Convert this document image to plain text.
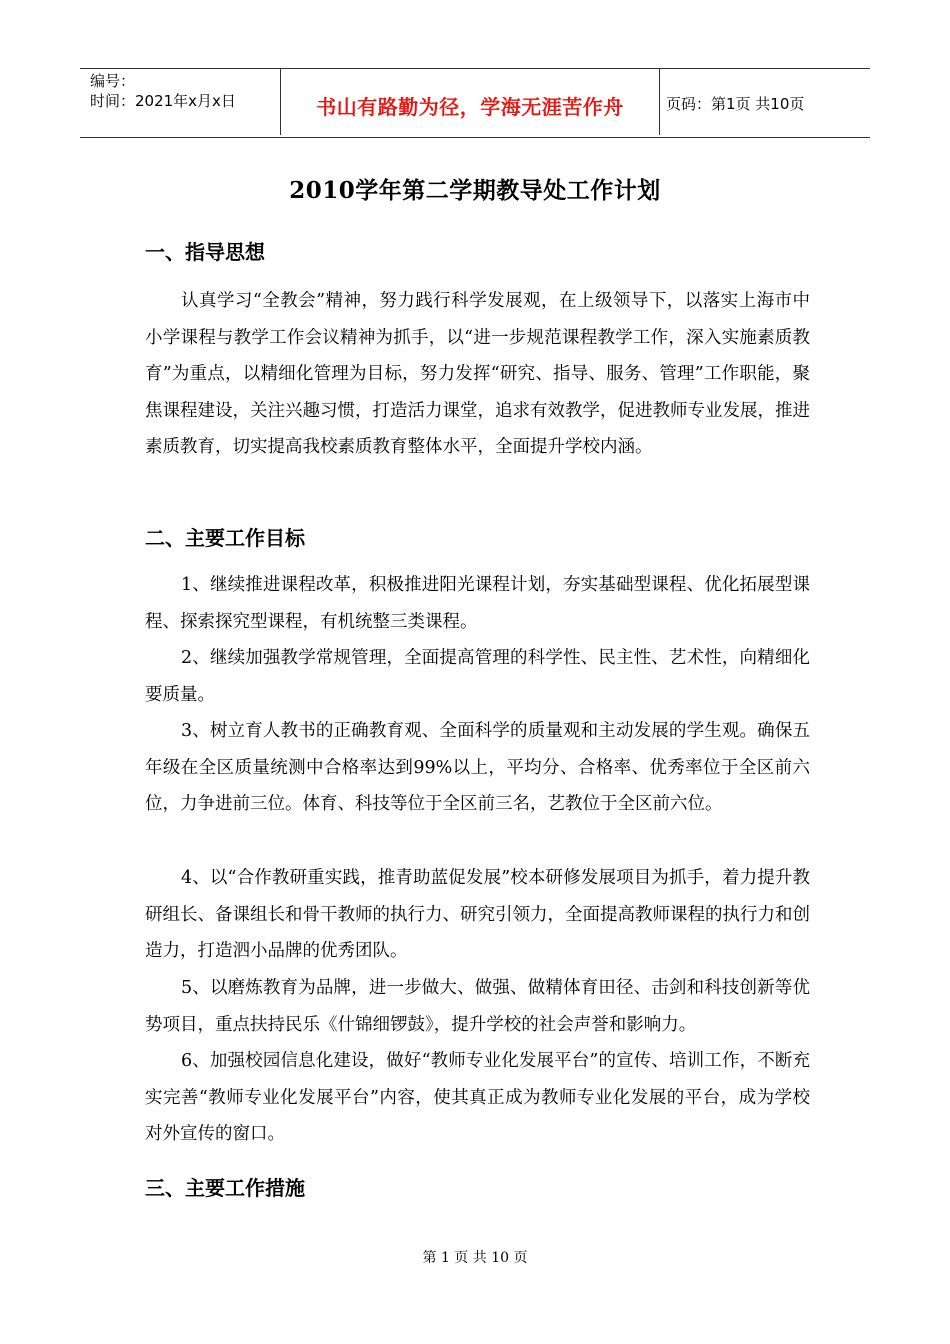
编号：
时间：2021年x月x日	书山有路勤为径，学海无涯苦作舟	页码：第1页 共10页
2010学年第二学期教导处工作计划
一、指导思想
认真学习“全教会”精神，努力践行科学发展观，在上级领导下，以落实上海市中小学课程与教学工作会议精神为抓手，以“进一步规范课程教学工作，深入实施素质教育”为重点，以精细化管理为目标，努力发挥“研究、指导、服务、管理”工作职能，聚焦课程建设，关注兴趣习惯，打造活力课堂，追求有效教学，促进教师专业发展，推进素质教育，切实提高我校素质教育整体水平，全面提升学校内涵。
二、主要工作目标
1、继续推进课程改革，积极推进阳光课程计划，夯实基础型课程、优化拓展型课程、探索探究型课程，有机统整三类课程。
2、继续加强教学常规管理，全面提高管理的科学性、民主性、艺术性，向精细化要质量。
3、树立育人教书的正确教育观、全面科学的质量观和主动发展的学生观。确保五年级在全区质量统测中合格率达到99%以上，平均分、合格率、优秀率位于全区前六位，力争进前三位。体育、科技等位于全区前三名，艺教位于全区前六位。
4、以“合作教研重实践，推青助蓝促发展”校本研修发展项目为抓手，着力提升教研组长、备课组长和骨干教师的执行力、研究引领力，全面提高教师课程的执行力和创造力，打造泗小品牌的优秀团队。
5、以磨炼教育为品牌，进一步做大、做强、做精体育田径、击剑和科技创新等优势项目，重点扶持民乐《什锦细锣鼓》，提升学校的社会声誉和影响力。
6、加强校园信息化建设，做好“教师专业化发展平台”的宣传、培训工作，不断充实完善“教师专业化发展平台”内容，使其真正成为教师专业化发展的平台，成为学校对外宣传的窗口。
三、主要工作措施
第 1 页 共 10 页
